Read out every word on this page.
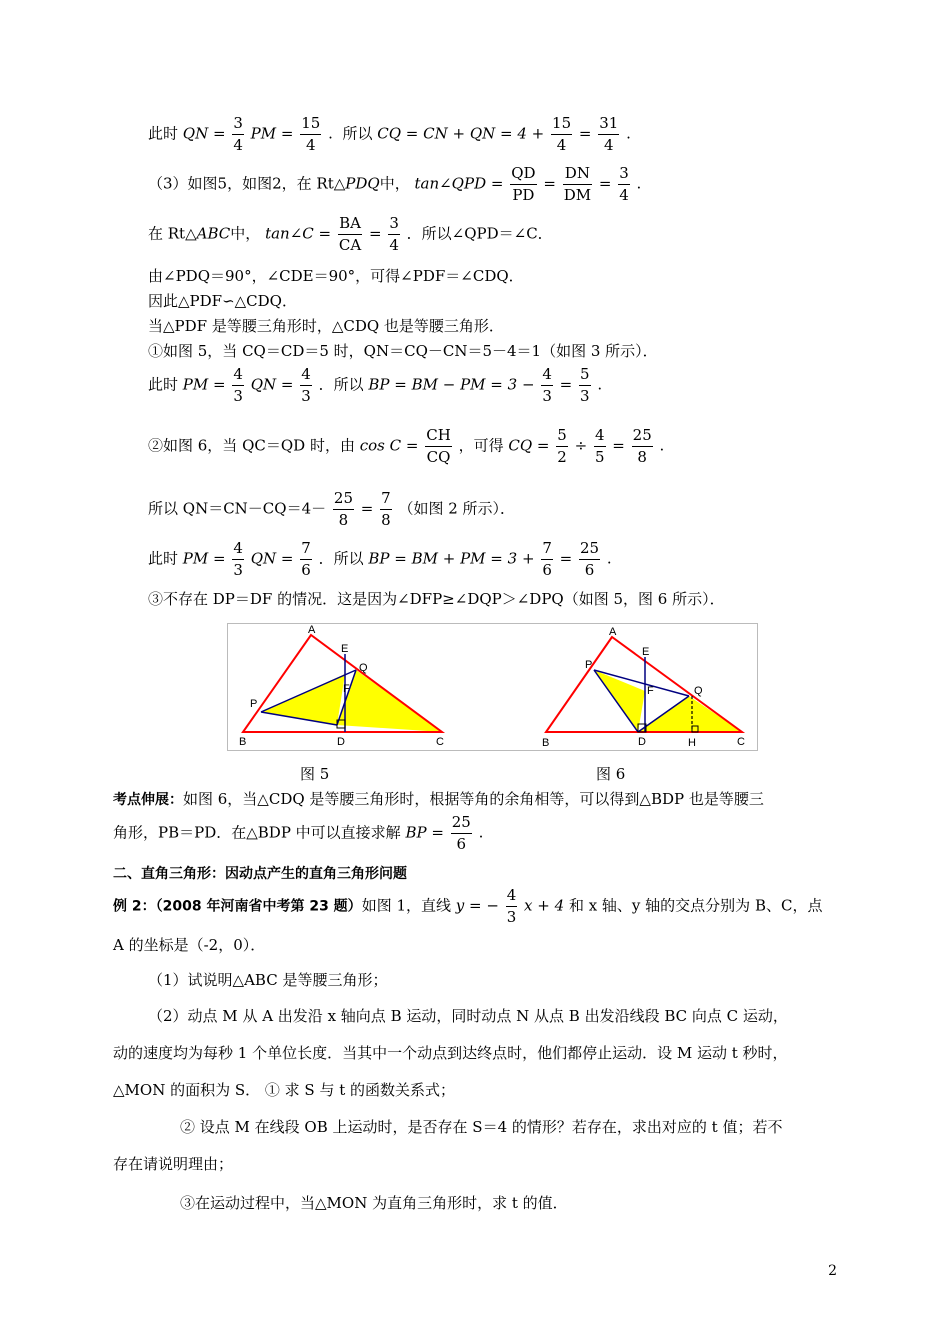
此时 QN = $\frac{3}{4}$ PM = $\frac{15}{4}$ . 所以 CQ = CN + QN = $4 + \frac{15}{4} = \frac{31}{4}$ .
（3）如图5，如图2，在 Rt△PDQ中， tan∠QPD = $\frac{QD}{PD} = \frac{DN}{DM} = \frac{3}{4}$ .
在 Rt△ABC中， tan∠C = $\frac{BA}{CA} = \frac{3}{4}$ ．所以∠QPD＝∠C．
由∠PDQ＝90°，∠CDE＝90°，可得∠PDF＝∠CDQ．
因此△PDF∽△CDQ．
当△PDF 是等腰三角形时，△CDQ 也是等腰三角形．
①如图 5，当 CQ＝CD＝5 时，QN＝CQ－CN＝5－4＝1（如图 3 所示）．
此时 PM = $\frac{4}{3}$ QN = $\frac{4}{3}$ ．所以 BP = BM − PM = $3 - \frac{4}{3} = \frac{5}{3}$ .
②如图 6，当 QC＝QD 时，由 $\cos C = \frac{CH}{CQ}$ ，可得 CQ = $\frac{5}{2} \div \frac{4}{5} = \frac{25}{8}$ .
所以 $QN=CN-CQ=4- \frac{25}{8} = \frac{7}{8}$ （如图 2 所示）．
此时 PM = $\frac{4}{3}$ QN = $\frac{7}{6}$ ．所以 BP = BM + PM = $3 + \frac{7}{6} = \frac{25}{6}$ .
③不存在 DP＝DF 的情况．这是因为∠DFP≥∠DQP＞∠DPQ（如图 5，图 6 所示）．
A
E
Q
F
P
B	D	C
A
E
P
F	Q
B	D	H	C
图 5	图 6
考点伸展：如图 6，当△CDQ 是等腰三角形时，根据等角的余角相等，可以得到△BDP 也是等腰三
角形，PB＝PD．在△BDP 中可以直接求解 BP = $\frac{25}{6}$ .
二、直角三角形：因动点产生的直角三角形问题
例 2：（2008 年河南省中考第 23 题）如图 1，直线 y = − $\frac{4}{3}$ x + 4 和 x 轴、y 轴的交点分别为 B、C，点
A 的坐标是（-2，0）．
（1）试说明△ABC 是等腰三角形；
（2）动点 M 从 A 出发沿 x 轴向点 B 运动，同时动点 N 从点 B 出发沿线段 BC 向点 C 运动，
动的速度均为每秒 1 个单位长度．当其中一个动点到达终点时，他们都停止运动．设 M 运动 t 秒时，
△MON 的面积为 S． ① 求 S 与 t 的函数关系式；
② 设点 M 在线段 OB 上运动时，是否存在 S＝4 的情形？若存在，求出对应的 t 值；若不
存在请说明理由；
③在运动过程中，当△MON 为直角三角形时，求 t 的值．
2
